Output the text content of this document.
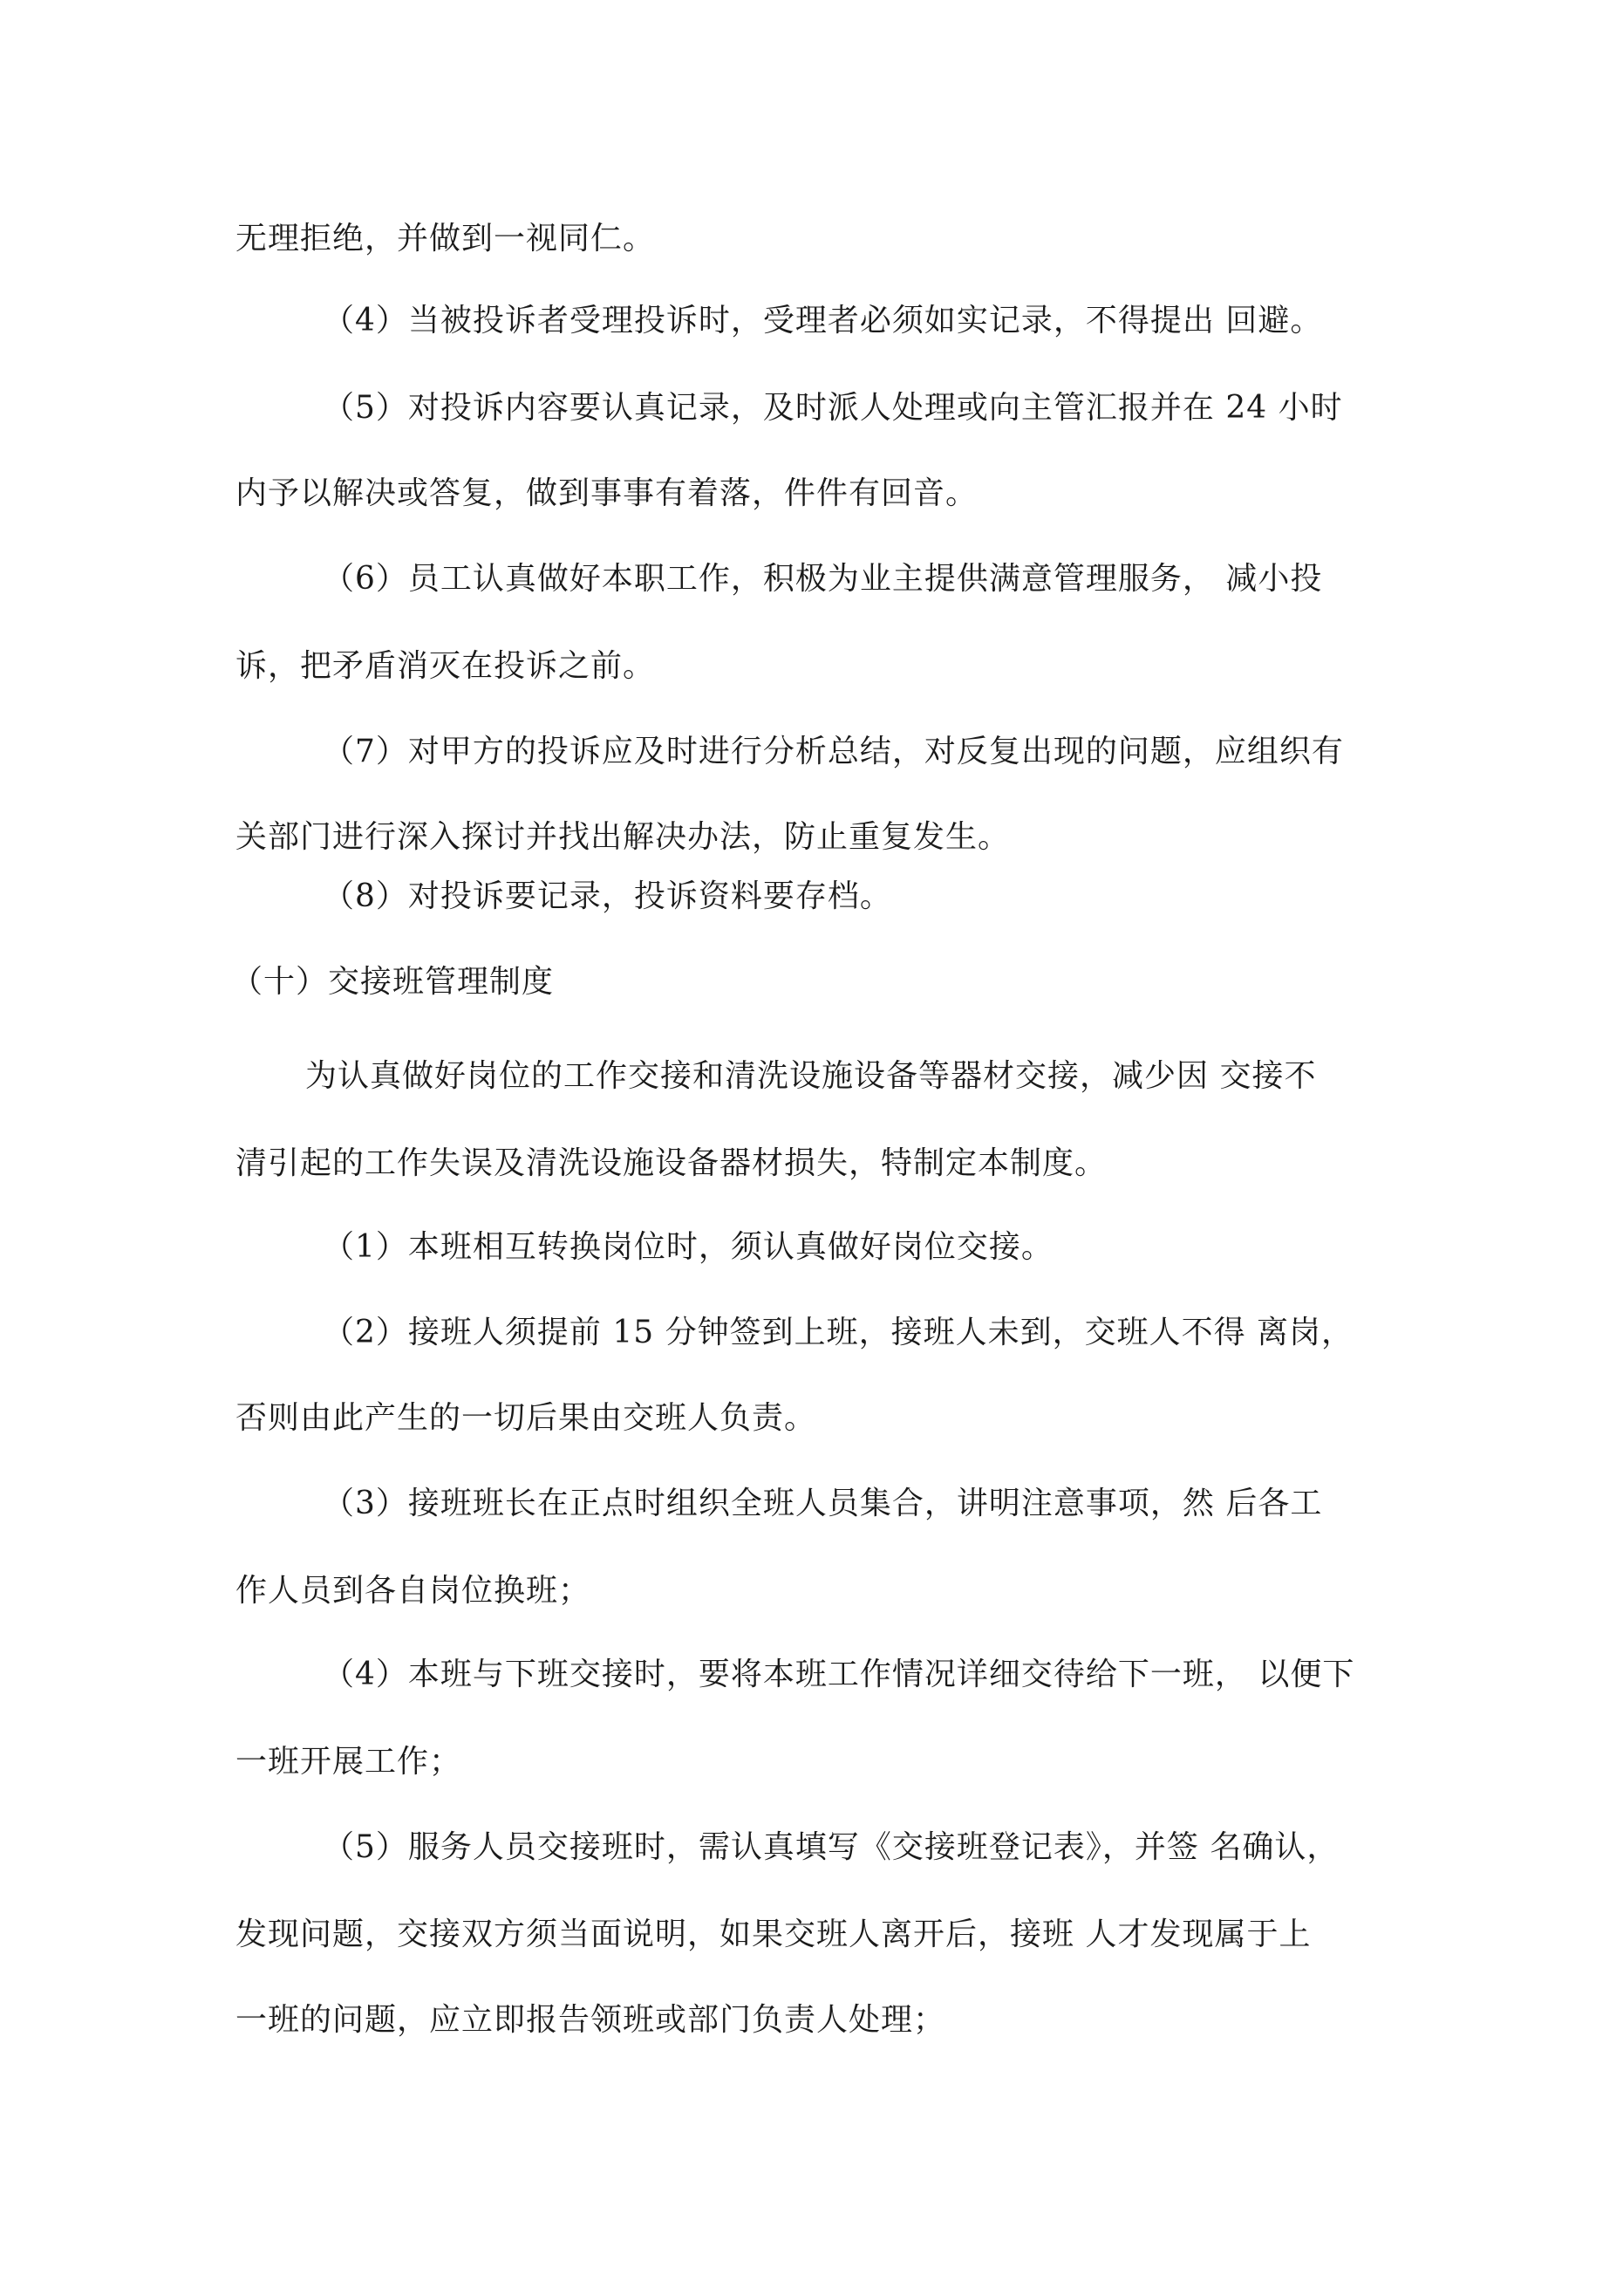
无理拒绝，并做到一视同仁。
（4）当被投诉者受理投诉时，受理者必须如实记录，不得提出 回避。
（5）对投诉内容要认真记录，及时派人处理或向主管汇报并在 24 小时
内予以解决或答复，做到事事有着落，件件有回音。
（6）员工认真做好本职工作，积极为业主提供满意管理服务， 减小投
诉，把矛盾消灭在投诉之前。
（7）对甲方的投诉应及时进行分析总结，对反复出现的问题，应组织有
关部门进行深入探讨并找出解决办法，防止重复发生。
（8）对投诉要记录，投诉资料要存档。
（十）交接班管理制度
为认真做好岗位的工作交接和清洗设施设备等器材交接，减少因 交接不
清引起的工作失误及清洗设施设备器材损失，特制定本制度。
（1）本班相互转换岗位时，须认真做好岗位交接。
（2）接班人须提前 15 分钟签到上班，接班人未到，交班人不得 离岗，
否则由此产生的一切后果由交班人负责。
（3）接班班长在正点时组织全班人员集合，讲明注意事项，然 后各工
作人员到各自岗位换班；
（4）本班与下班交接时，要将本班工作情况详细交待给下一班， 以便下
一班开展工作；
（5）服务人员交接班时，需认真填写《交接班登记表》，并签 名确认，
发现问题，交接双方须当面说明，如果交班人离开后，接班 人才发现属于上
一班的问题，应立即报告领班或部门负责人处理；
